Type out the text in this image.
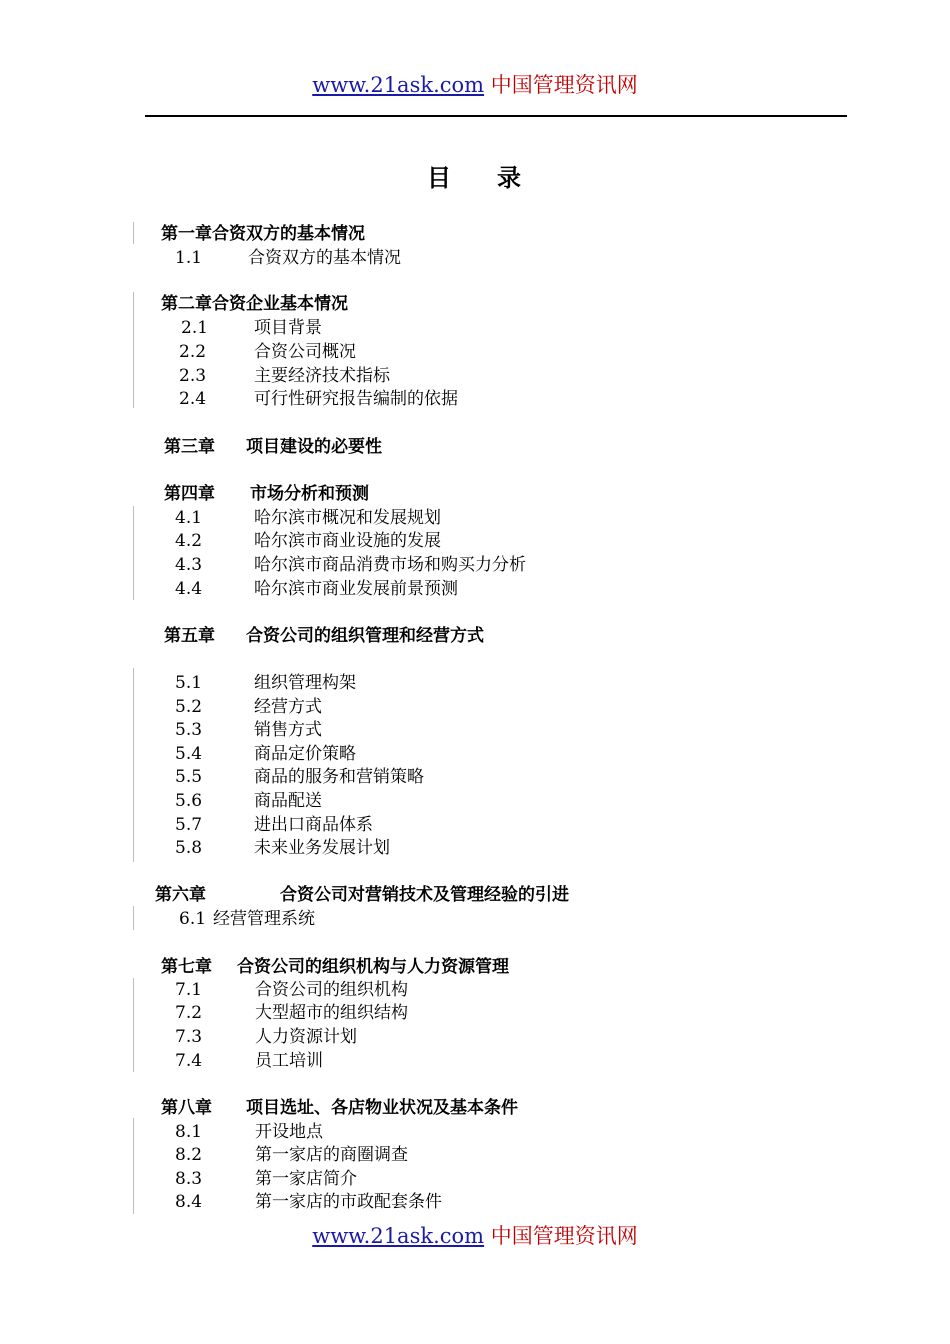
www.21ask.com 中国管理资讯网
目 录
第一章合资双方的基本情况
1.1	合资双方的基本情况
第二章合资企业基本情况
2.1	项目背景
2.2	合资公司概况
2.3	主要经济技术指标
2.4	可行性研究报告编制的依据
第三章 项目建设的必要性
第四章 市场分析和预测
4.1	哈尔滨市概况和发展规划
4.2	哈尔滨市商业设施的发展
4.3	哈尔滨市商品消费市场和购买力分析
4.4	哈尔滨市商业发展前景预测
第五章 合资公司的组织管理和经营方式
5.1	组织管理构架
5.2	经营方式
5.3	销售方式
5.4	商品定价策略
5.5	商品的服务和营销策略
5.6	商品配送
5.7	进出口商品体系
5.8	未来业务发展计划
第六章	合资公司对营销技术及管理经验的引进
6.1 经营管理系统
第七章 合资公司的组织机构与人力资源管理
7.1	合资公司的组织机构
7.2	大型超市的组织结构
7.3	人力资源计划
7.4	员工培训
第八章 项目选址、各店物业状况及基本条件
8.1	开设地点
8.2	第一家店的商圈调查
8.3	第一家店简介
8.4	第一家店的市政配套条件
www.21ask.com 中国管理资讯网
